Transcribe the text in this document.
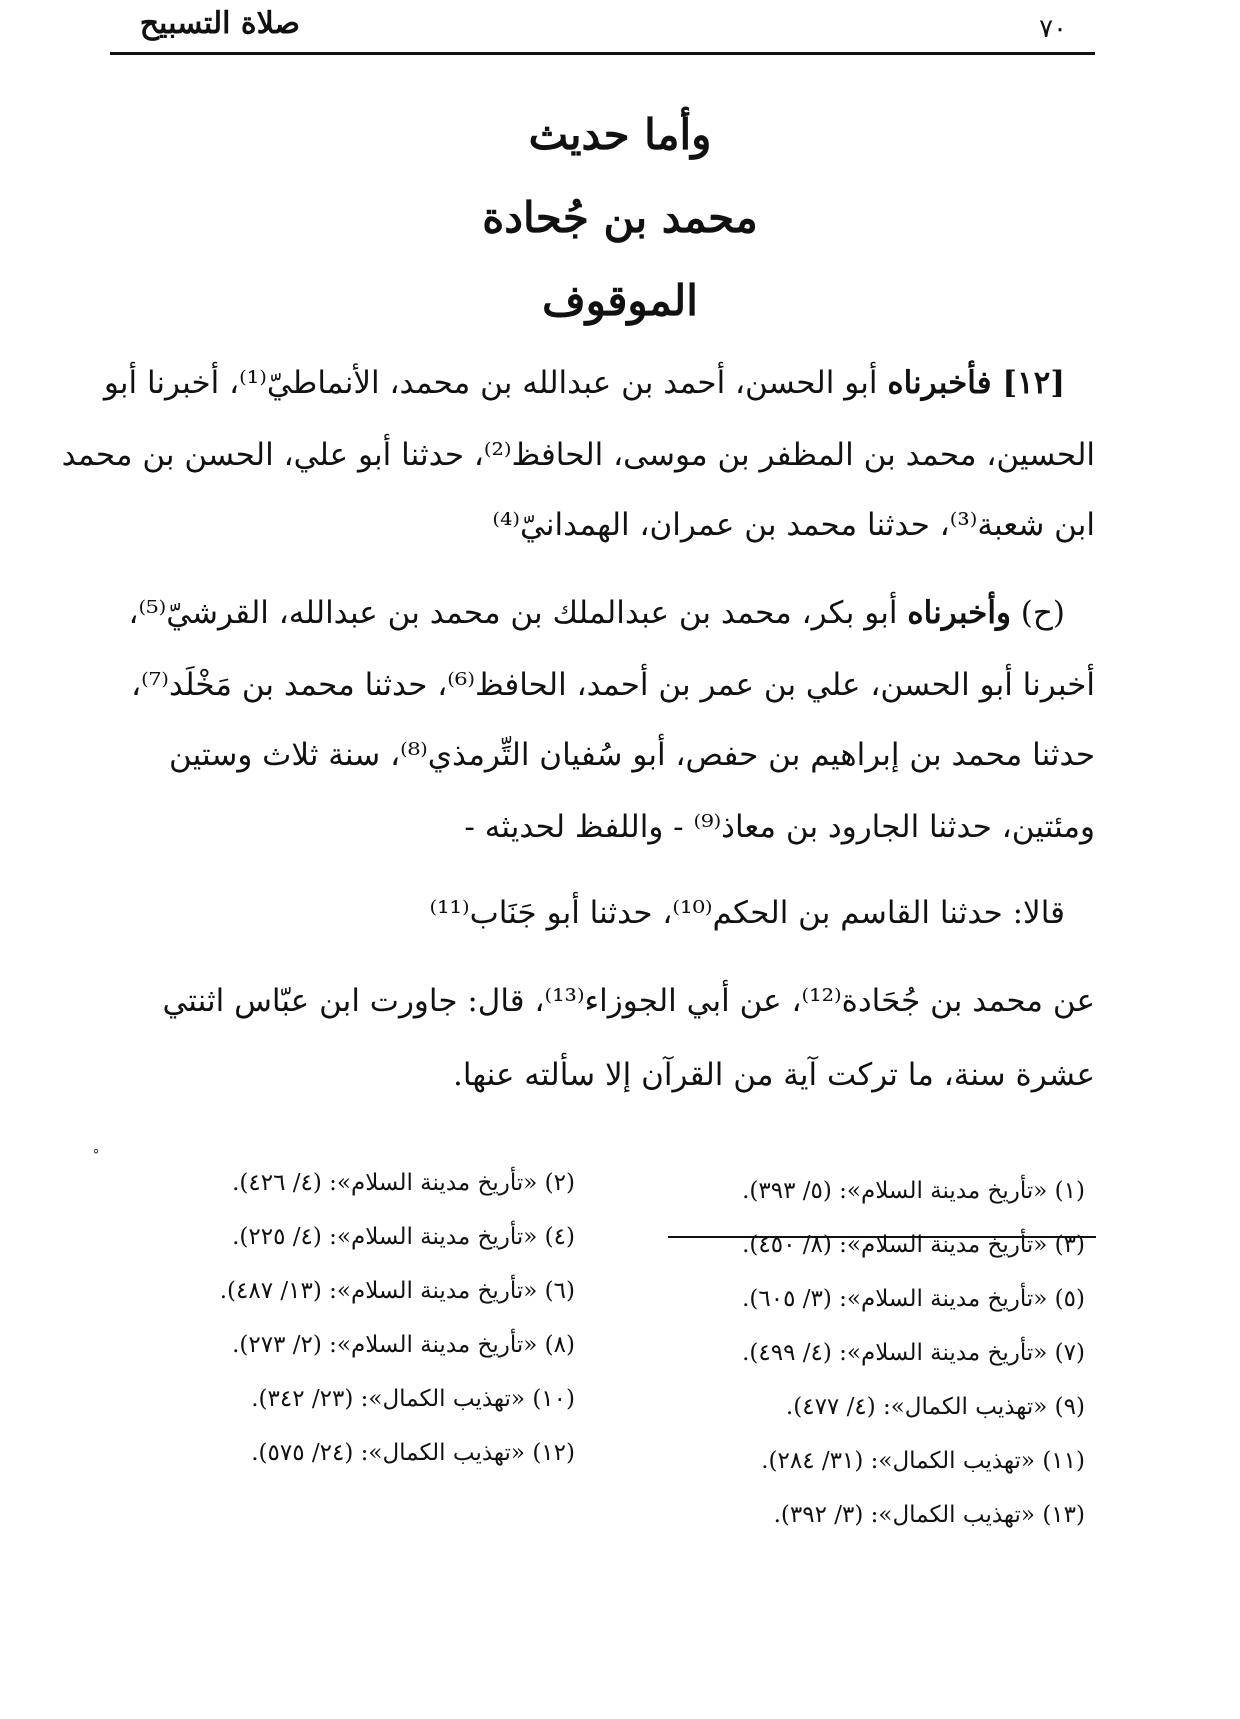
صلاة التسبيح	٧٠
وأما حديث
محمد بن جُحادة
الموقوف
[١٢] فأخبرناه أبو الحسن، أحمد بن عبدالله بن محمد، الأنماطيّ⁽¹⁾، أخبرنا أبو
الحسين، محمد بن المظفر بن موسى، الحافظ⁽²⁾، حدثنا أبو علي، الحسن بن محمد
ابن شعبة⁽³⁾، حدثنا محمد بن عمران، الهمدانيّ⁽⁴⁾
(ح) وأخبرناه أبو بكر، محمد بن عبدالملك بن محمد بن عبدالله، القرشيّ⁽⁵⁾،
أخبرنا أبو الحسن، علي بن عمر بن أحمد، الحافظ⁽⁶⁾، حدثنا محمد بن مَخْلَد⁽⁷⁾،
حدثنا محمد بن إبراهيم بن حفص، أبو سُفيان التِّرمذي⁽⁸⁾، سنة ثلاث وستين
ومئتين، حدثنا الجارود بن معاذ⁽⁹⁾ - واللفظ لحديثه -
قالا: حدثنا القاسم بن الحكم⁽¹⁰⁾، حدثنا أبو جَنَاب⁽¹¹⁾
عن محمد بن جُحَادة⁽¹²⁾، عن أبي الجوزاء⁽¹³⁾، قال: جاورت ابن عبّاس اثنتي
عشرة سنة، ما تركت آية من القرآن إلا سألته عنها.
˚
(١) «تأريخ مدينة السلام»: (٥/ ٣٩٣).
(٣) «تأريخ مدينة السلام»: (٨/ ٤٥٠).
(٥) «تأريخ مدينة السلام»: (٣/ ٦٠٥).
(٧) «تأريخ مدينة السلام»: (٤/ ٤٩٩).
(٩) «تهذيب الكمال»: (٤/ ٤٧٧).
(١١) «تهذيب الكمال»: (٣١/ ٢٨٤).
(١٣) «تهذيب الكمال»: (٣/ ٣٩٢).
(٢) «تأريخ مدينة السلام»: (٤/ ٤٢٦).
(٤) «تأريخ مدينة السلام»: (٤/ ٢٢٥).
(٦) «تأريخ مدينة السلام»: (١٣/ ٤٨٧).
(٨) «تأريخ مدينة السلام»: (٢/ ٢٧٣).
(١٠) «تهذيب الكمال»: (٢٣/ ٣٤٢).
(١٢) «تهذيب الكمال»: (٢٤/ ٥٧٥).
